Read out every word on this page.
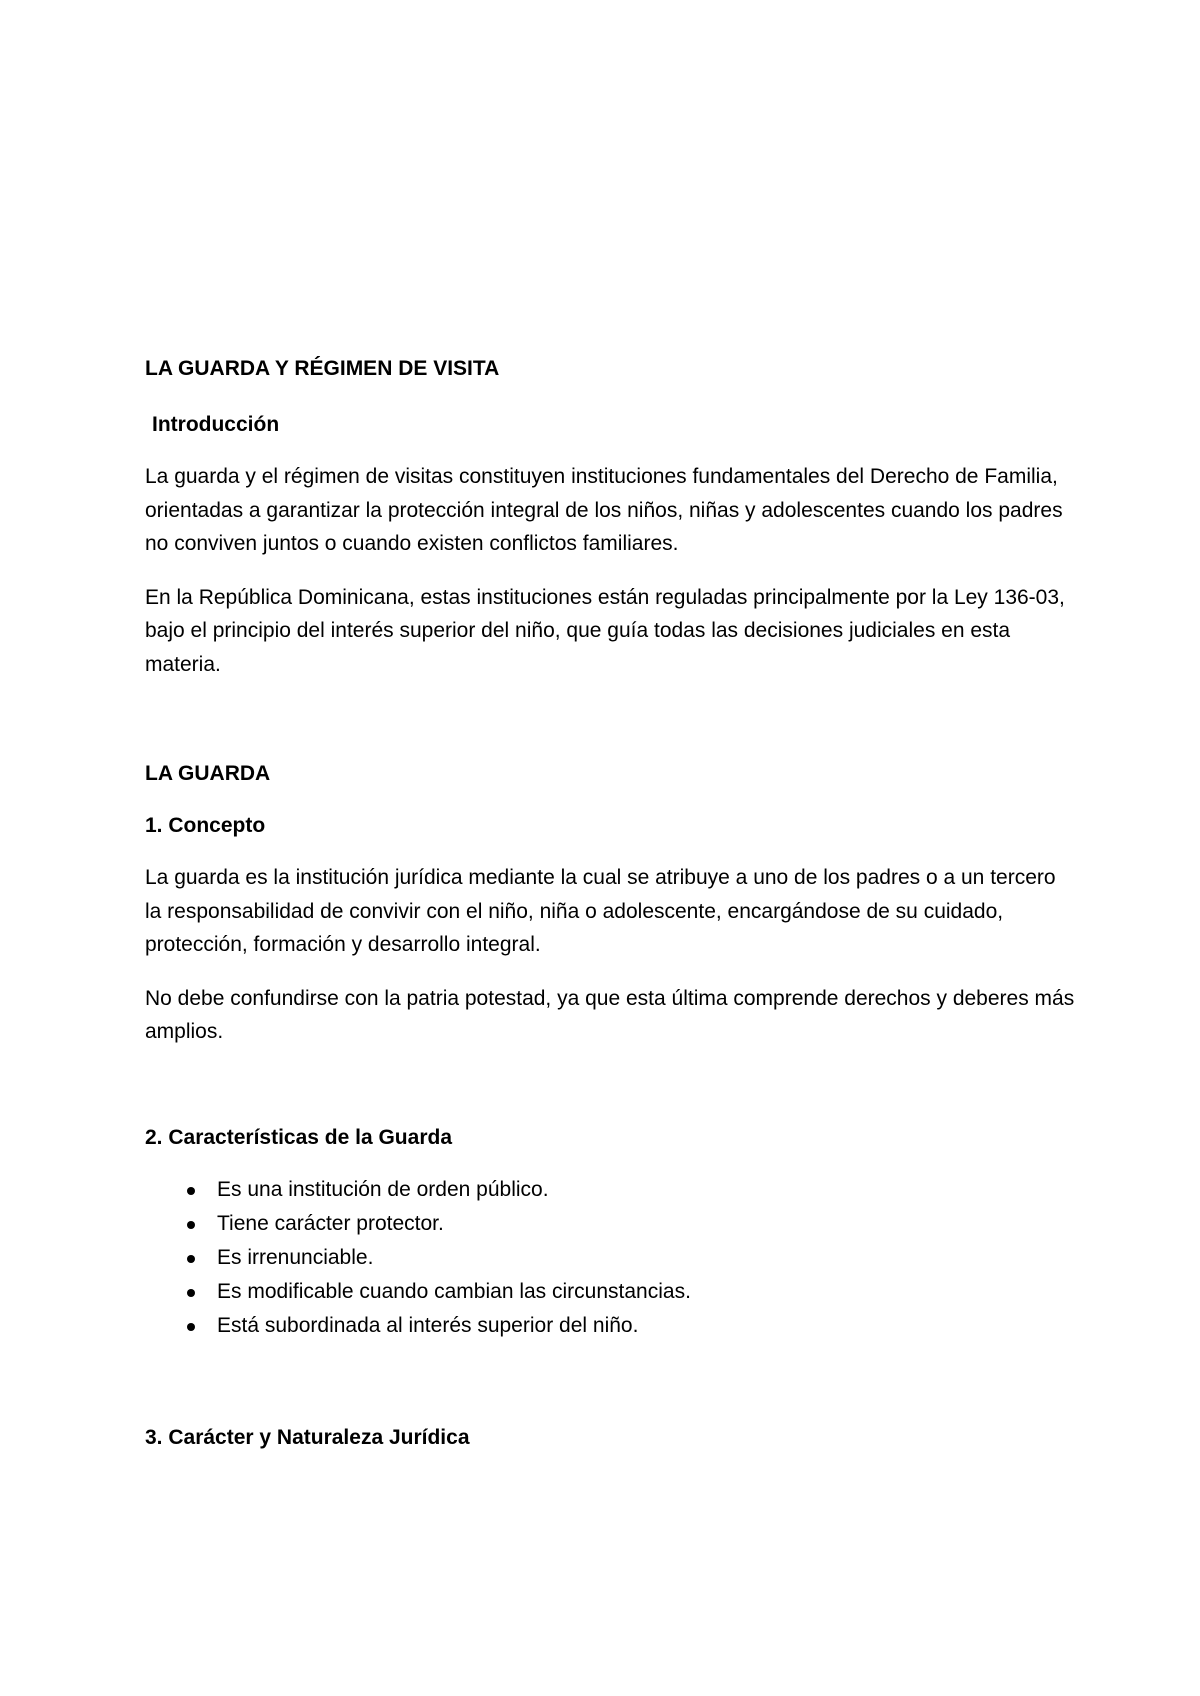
LA GUARDA Y RÉGIMEN DE VISITA
Introducción

La guarda y el régimen de visitas constituyen instituciones fundamentales del Derecho de Familia, orientadas a garantizar la protección integral de los niños, niñas y adolescentes cuando los padres no conviven juntos o cuando existen conflictos familiares.

En la República Dominicana, estas instituciones están reguladas principalmente por la Ley 136-03, bajo el principio del interés superior del niño, que guía todas las decisiones judiciales en esta materia.

LA GUARDA
1. Concepto

La guarda es la institución jurídica mediante la cual se atribuye a uno de los padres o a un tercero la responsabilidad de convivir con el niño, niña o adolescente, encargándose de su cuidado, protección, formación y desarrollo integral.

No debe confundirse con la patria potestad, ya que esta última comprende derechos y deberes más amplios.

2. Características de la Guarda
Es una institución de orden público.
Tiene carácter protector.
Es irrenunciable.
Es modificable cuando cambian las circunstancias.
Está subordinada al interés superior del niño.
3. Carácter y Naturaleza Jurídica
